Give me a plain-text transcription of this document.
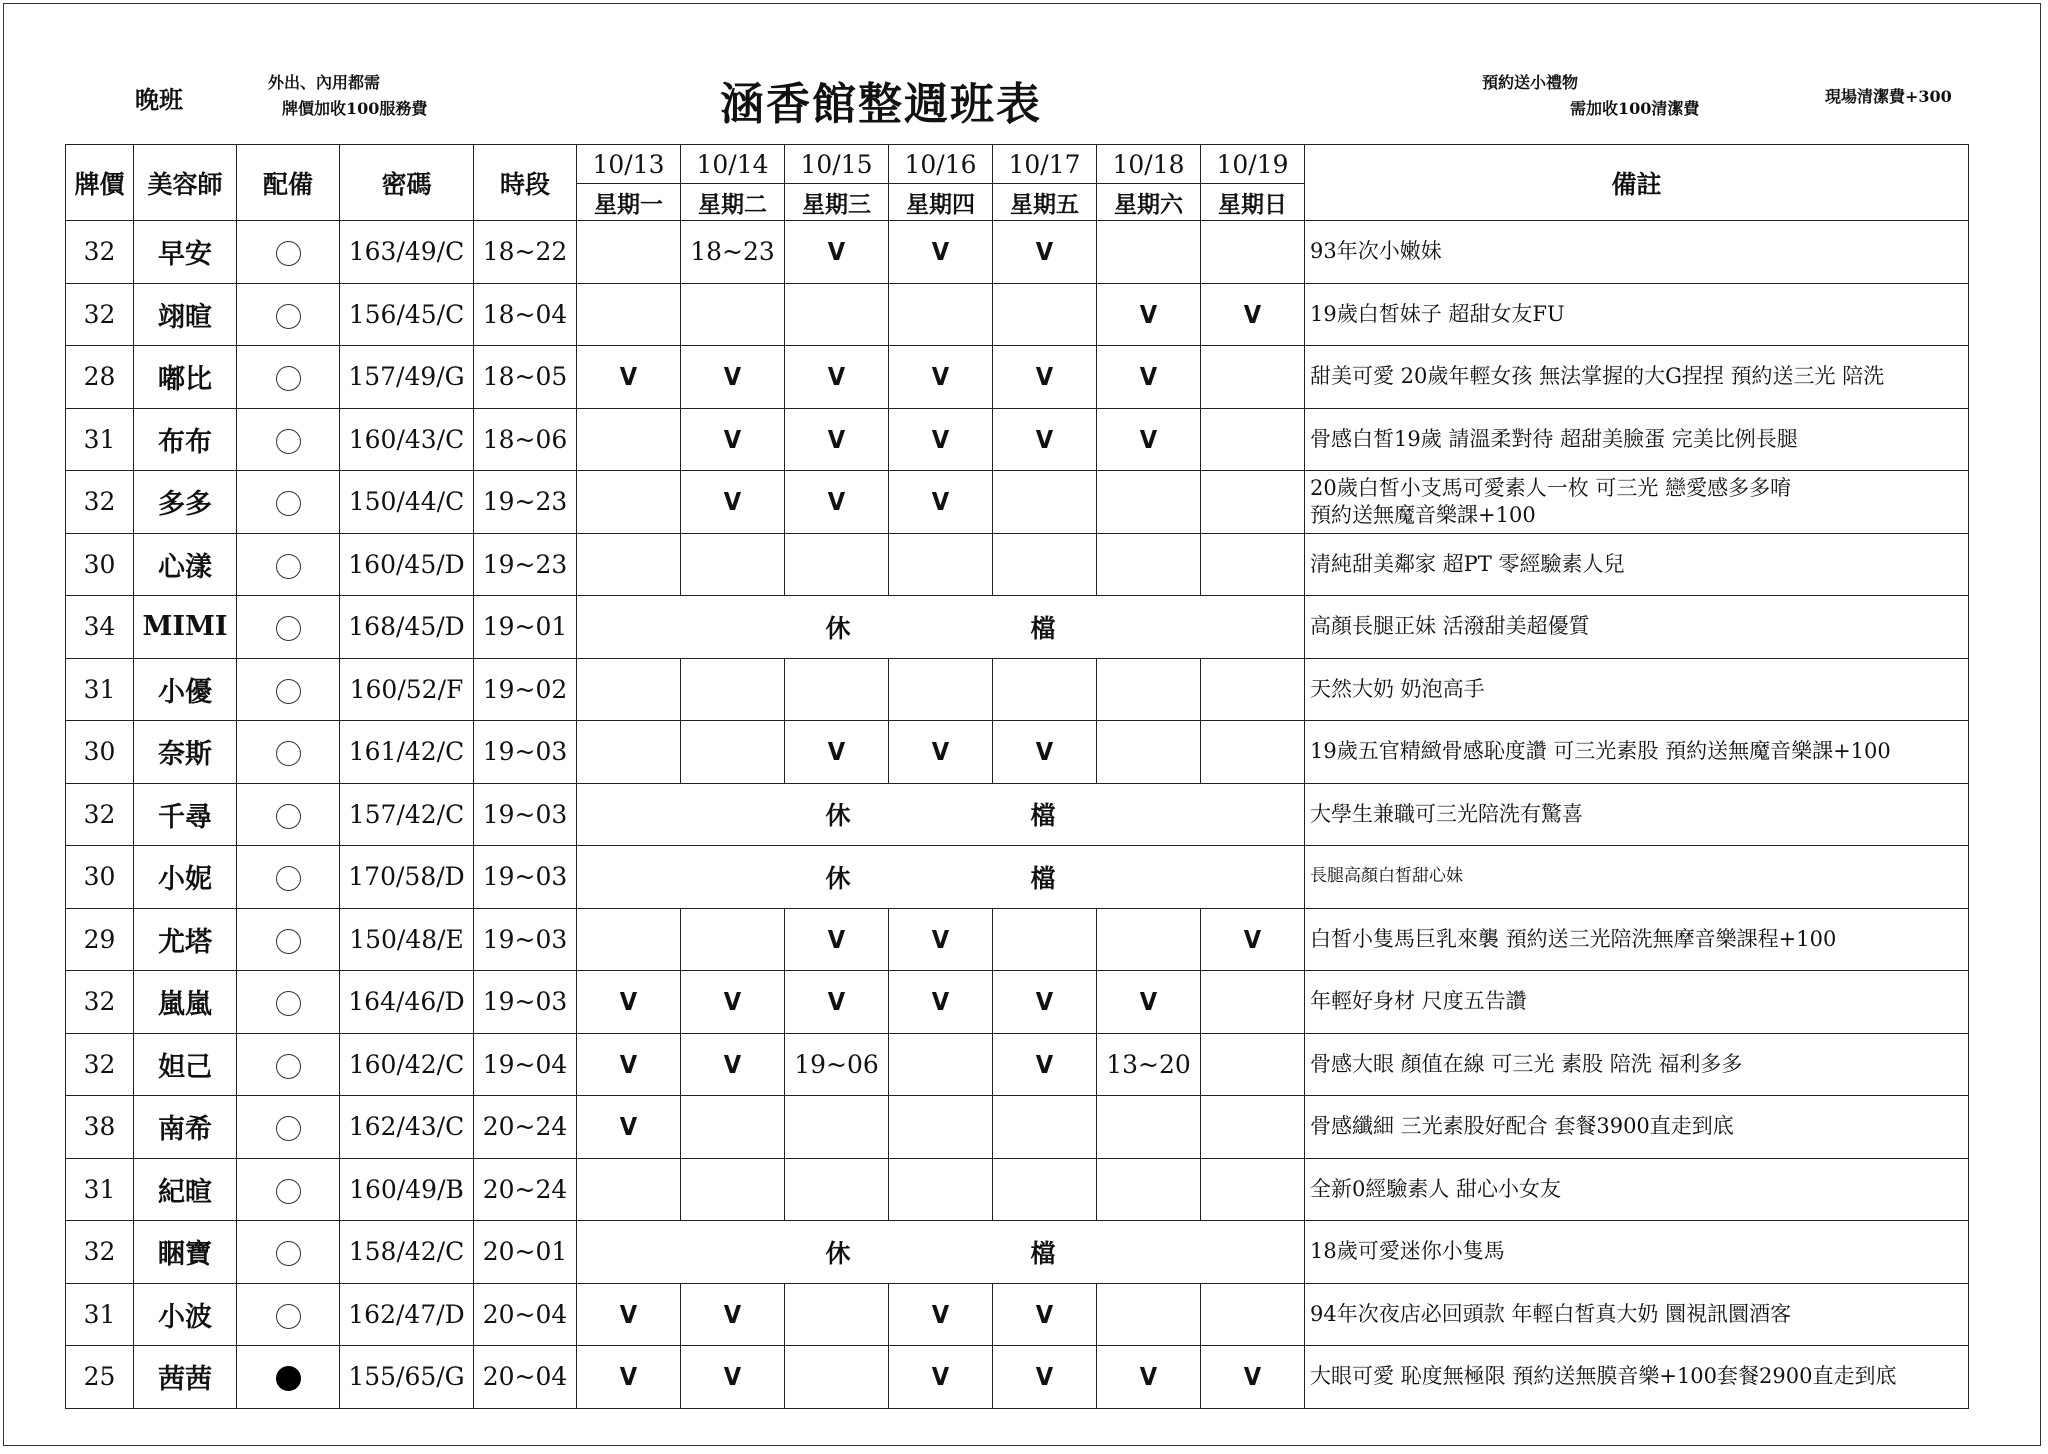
晚班
外出、內用都需
牌價加收100服務費	涵香館整週班表	預約送小禮物
需加收100清潔費
現場清潔費+300
牌價	美容師	配備	密碼	時段	10/13	10/14	10/15	10/16	10/17	10/18	10/19	備註
					星期一	星期二	星期三	星期四	星期五	星期六	星期日	
32	早安		163/49/C	18~22		18~23	V	V	V			93年次小嫩妹

32	翊暄		156/45/C	18~04						V	V	19歲白皙妹子 超甜女友FU

28	嘟比		157/49/G	18~05	V	V	V	V	V	V		甜美可愛 20歲年輕女孩 無法掌握的大G捏捏 預約送三光 陪洗

31	布布		160/43/C	18~06		V	V	V	V	V		骨感白皙19歲 請溫柔對待 超甜美臉蛋 完美比例長腿

32	多多		150/44/C	19~23		V	V	V				20歲白皙小支馬可愛素人一枚 可三光 戀愛感多多唷
預約送無魔音樂課+100

30	心漾		160/45/D	19~23								清純甜美鄰家 超PT 零經驗素人兒

34	MIMI		168/45/D	19~01	休 檔							高顏長腿正妹 活潑甜美超優質

31	小優		160/52/F	19~02								天然大奶 奶泡高手

30	奈斯		161/42/C	19~03			V	V	V			19歲五官精緻骨感恥度讚 可三光素股 預約送無魔音樂課+100

32	千尋		157/42/C	19~03	休 檔							大學生兼職可三光陪洗有驚喜

30	小妮		170/58/D	19~03	休 檔							長腿高顏白皙甜心妹

29	尤塔		150/48/E	19~03			V	V			V	白皙小隻馬巨乳來襲 預約送三光陪洗無摩音樂課程+100

32	嵐嵐		164/46/D	19~03	V	V	V	V	V	V		年輕好身材 尺度五告讚

32	妲己		160/42/C	19~04	V	V	19~06		V	13~20		骨感大眼 顏值在線 可三光 素股 陪洗 福利多多

38	南希		162/43/C	20~24	V							骨感纖細 三光素股好配合 套餐3900直走到底

31	紀暄		160/49/B	20~24								全新0經驗素人 甜心小女友

32	睏寶		158/42/C	20~01	休 檔							18歲可愛迷你小隻馬

31	小波		162/47/D	20~04	V	V		V	V			94年次夜店必回頭款 年輕白皙真大奶 圜視訊圜酒客

25	茜茜		155/65/G	20~04	V	V		V	V	V	V	大眼可愛 恥度無極限 預約送無膜音樂+100套餐2900直走到底
